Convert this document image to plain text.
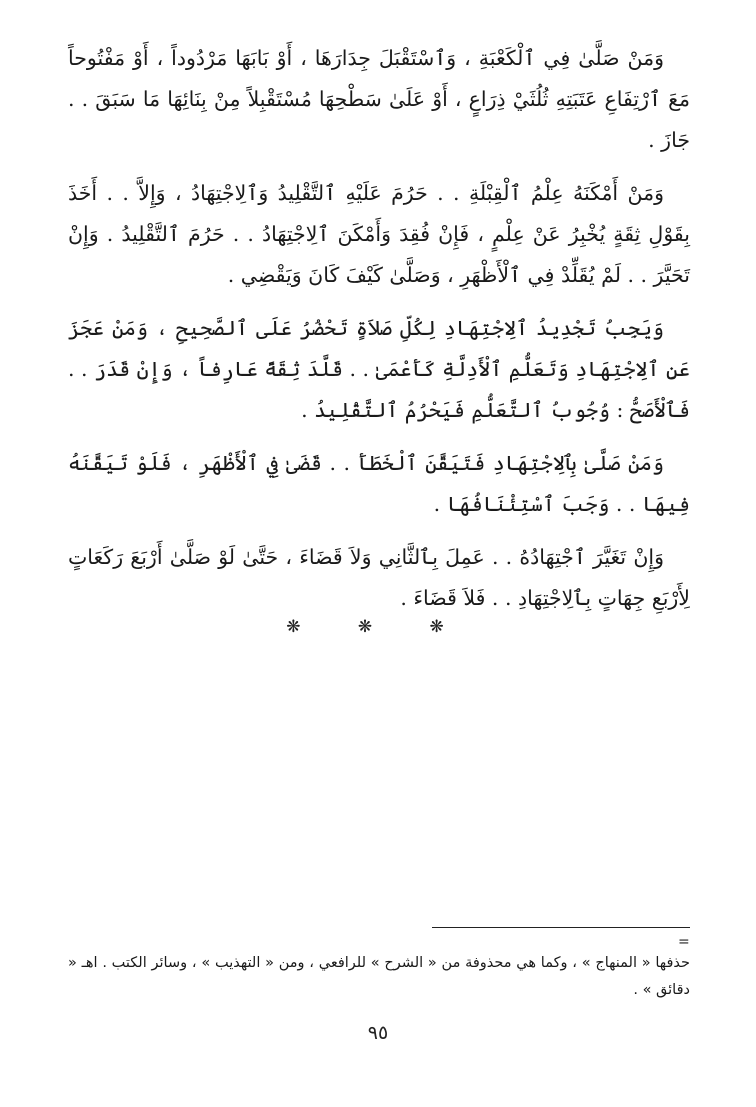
وَمَنْ صَلَّىٰ فِي ٱلْكَعْبَةِ ، وَٱسْتَقْبَلَ جِدَارَهَا ، أَوْ بَابَهَا مَرْدُوداً ، أَوْ مَفْتُوحاً مَعَ ٱرْتِفَاعِ عَتَبَتِهِ ثُلُثَيْ ذِرَاعٍ ، أَوْ عَلَىٰ سَطْحِهَا مُسْتَقْبِلاً مِنْ بِنَائِهَا مَا سَبَقَ . . جَازَ .

وَمَنْ أَمْكَنَهُ عِلْمُ ٱلْقِبْلَةِ . . حَرُمَ عَلَيْهِ ٱلتَّقْلِيدُ وَٱلِاجْتِهَادُ ، وَإِلاَّ . . أَخَذَ بِقَوْلِ ثِقَةٍ يُخْبِرُ عَنْ عِلْمٍ ، فَإِنْ فُقِدَ وَأَمْكَنَ ٱلِاجْتِهَادُ . . حَرُمَ ٱلتَّقْلِيدُ . وَإِنْ تَحَيَّرَ . . لَمْ يُقَلِّدْ فِي ٱلْأَظْهَرِ ، وَصَلَّىٰ كَيْفَ كَانَ وَيَقْضِي .

وَيَجِبُ تَجْدِيدُ ٱلِاجْتِهَادِ لِكُلِّ صَلاَةٍ تَحْضُرُ عَلَى ٱلصَّحِيحِ ، وَمَنْ عَجَزَ عَنِ ٱلِاجْتِهَادِ وَتَعَلُّمِ ٱلْأَدِلَّةِ كَأَعْمَىٰ . . قَلَّدَ ثِقَةً عَارِفاً ، وَإِنْ قَدَرَ . . فَٱلْأَصَحُّ : وُجُوبُ ٱلتَّعَلُّمِ فَيَحْرُمُ ٱلتَّقْلِيدُ .

وَمَنْ صَلَّىٰ بِٱلِاجْتِهَادِ فَتَيَقَّنَ ٱلْخَطَأَ . . قَضَىٰ فِي ٱلْأَظْهَرِ ، فَلَوْ تَيَقَّنَهُ فِيهَا . . وَجَبَ ٱسْتِئْنَافُهَا .

وَإِنْ تَغَيَّرَ ٱجْتِهَادُهُ . . عَمِلَ بِٱلثَّانِي وَلاَ قَضَاءَ ، حَتَّىٰ لَوْ صَلَّىٰ أَرْبَعَ رَكَعَاتٍ لِأَرْبَعِ جِهَاتٍ بِٱلِاجْتِهَادِ . . فَلاَ قَضَاءَ .

❋ ❋ ❋
=

حذفها « المنهاج » ، وكما هي محذوفة من « الشرح » للرافعي ، ومن « التهذيب » ، وسائر الكتب . اهـ « دقائق » .

٩٥
